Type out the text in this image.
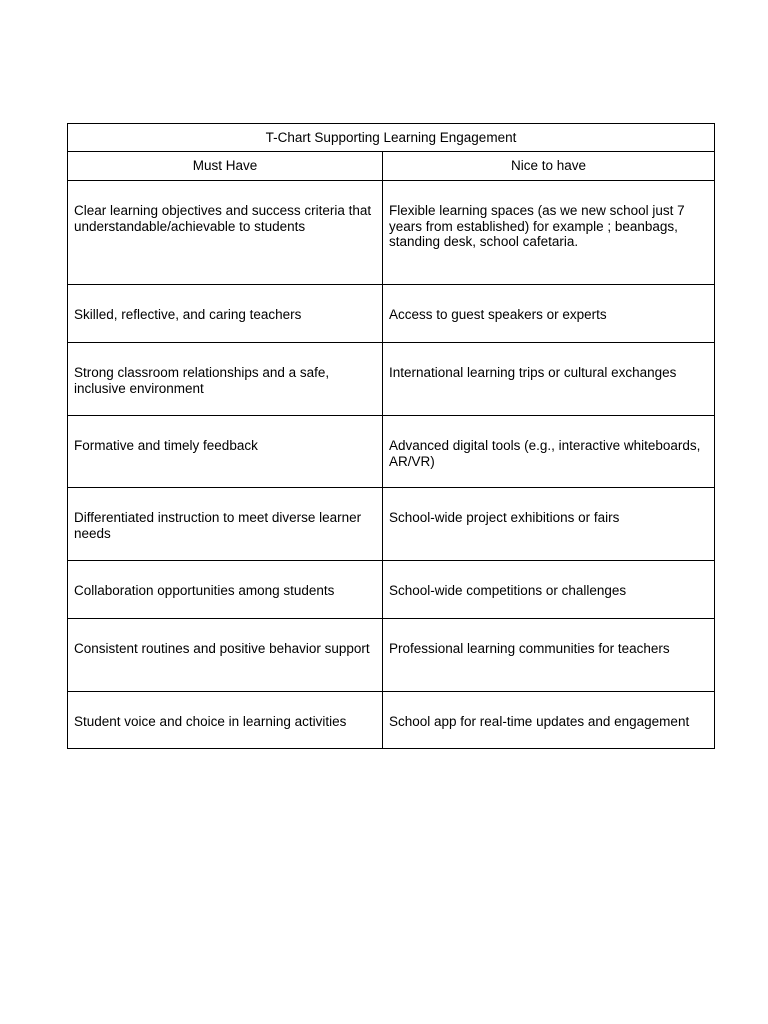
T-Chart Supporting Learning Engagement	
Must Have	Nice to have
Clear learning objectives and success criteria that understandable/achievable to students	Flexible learning spaces (as we new school just 7 years from established) for example ; beanbags, standing desk, school cafetaria.
Skilled, reflective, and caring teachers	Access to guest speakers or experts
Strong classroom relationships and a safe, inclusive environment	International learning trips or cultural exchanges
Formative and timely feedback	Advanced digital tools (e.g., interactive whiteboards, AR/VR)
Differentiated instruction to meet diverse learner needs	School-wide project exhibitions or fairs
Collaboration opportunities among students	School-wide competitions or challenges
Consistent routines and positive behavior support	Professional learning communities for teachers
Student voice and choice in learning activities	School app for real-time updates and engagement
